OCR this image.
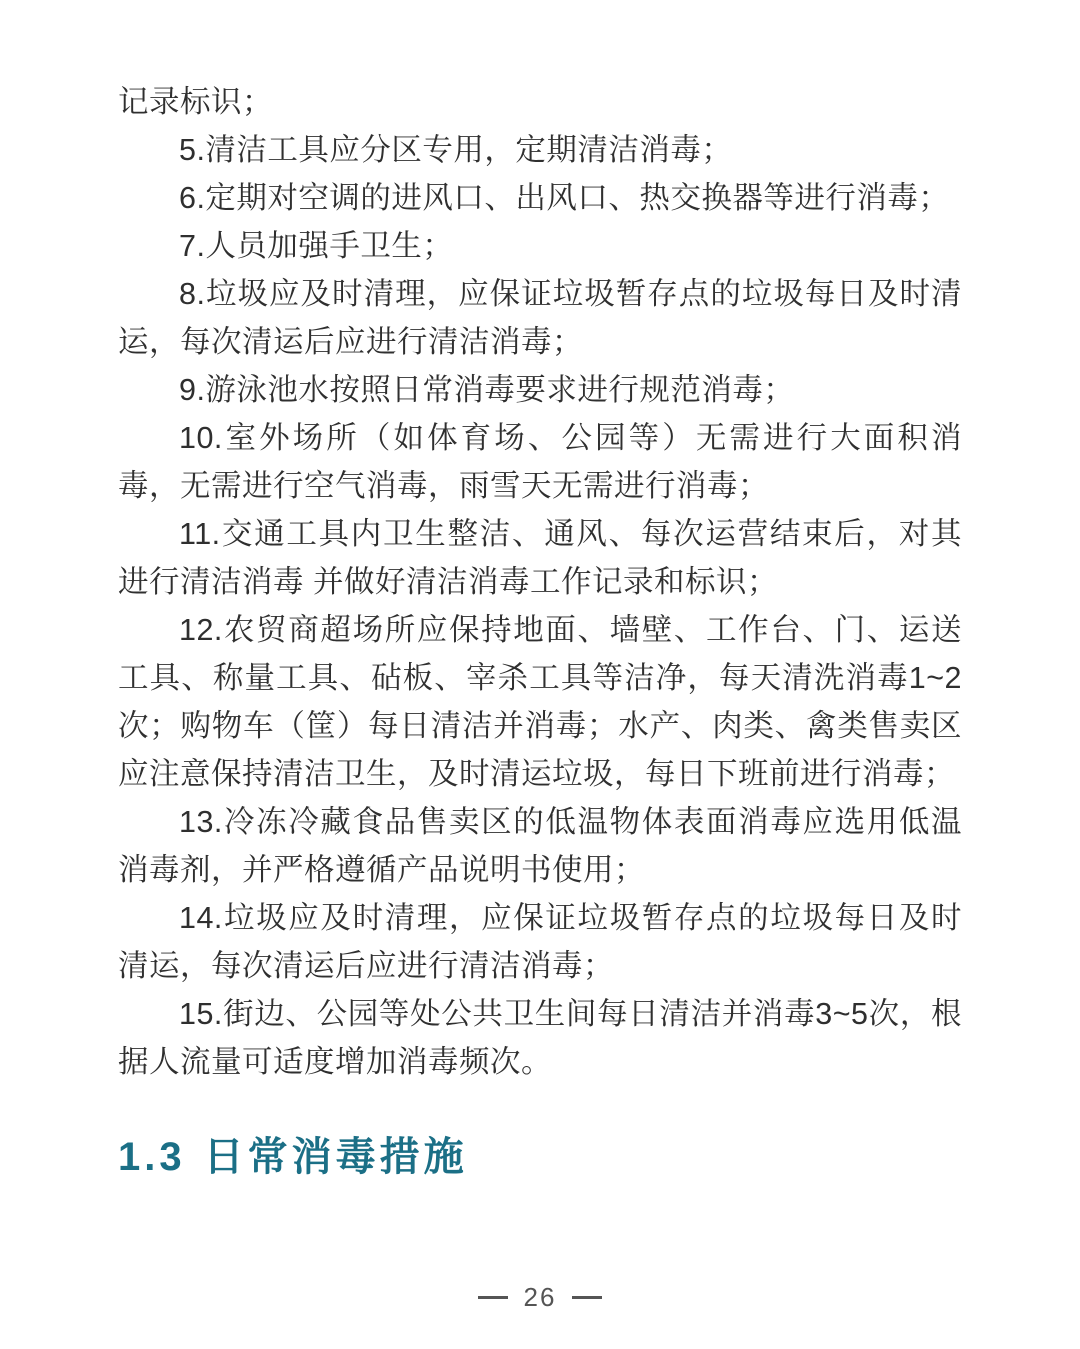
记录标识；

5.清洁工具应分区专用，定期清洁消毒；

6.定期对空调的进风口、出风口、热交换器等进行消毒；

7.人员加强手卫生；

8.垃圾应及时清理，应保证垃圾暂存点的垃圾每日及时清运，每次清运后应进行清洁消毒；

9.游泳池水按照日常消毒要求进行规范消毒；

10.室外场所（如体育场、公园等）无需进行大面积消毒，无需进行空气消毒，雨雪天无需进行消毒；

11.交通工具内卫生整洁、通风、每次运营结束后，对其进行清洁消毒 并做好清洁消毒工作记录和标识；

12.农贸商超场所应保持地面、墙壁、工作台、门、运送工具、称量工具、砧板、宰杀工具等洁净，每天清洗消毒1~2次；购物车（筐）每日清洁并消毒；水产、肉类、禽类售卖区应注意保持清洁卫生，及时清运垃圾，每日下班前进行消毒；

13.冷冻冷藏食品售卖区的低温物体表面消毒应选用低温消毒剂，并严格遵循产品说明书使用；

14.垃圾应及时清理，应保证垃圾暂存点的垃圾每日及时清运，每次清运后应进行清洁消毒；

15.街边、公园等处公共卫生间每日清洁并消毒3~5次，根据人流量可适度增加消毒频次。

1.3 日常消毒措施
26
